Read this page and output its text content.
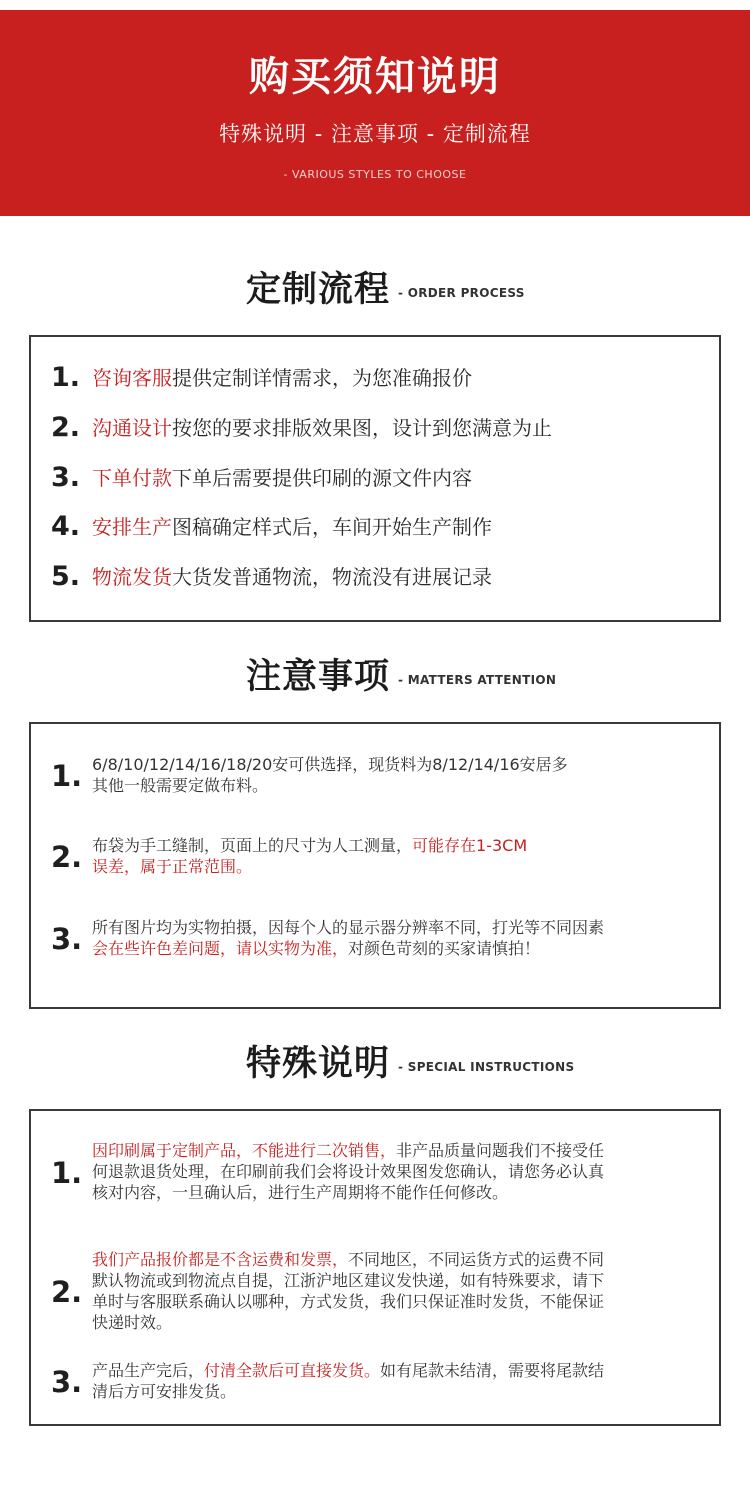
购买须知说明
特殊说明 - 注意事项 - 定制流程
- VARIOUS STYLES TO CHOOSE
定制流程 - ORDER PROCESS
1. 咨询客服提供定制详情需求，为您准确报价
2. 沟通设计按您的要求排版效果图，设计到您满意为止
3. 下单付款下单后需要提供印刷的源文件内容
4. 安排生产图稿确定样式后，车间开始生产制作
5. 物流发货大货发普通物流，物流没有进展记录
注意事项 - MATTERS ATTENTION
1. 6/8/10/12/14/16/18/20安可供选择，现货料为8/12/14/16安居多
其他一般需要定做布料。
2. 布袋为手工缝制，页面上的尺寸为人工测量，可能存在1-3CM
误差，属于正常范围。
3. 所有图片均为实物拍摄，因每个人的显示器分辨率不同，打光等不同因素
会在些许色差问题，请以实物为准，对颜色苛刻的买家请慎拍！
特殊说明 - SPECIAL INSTRUCTIONS
1.
因印刷属于定制产品，不能进行二次销售，非产品质量问题我们不接受任
何退款退货处理，在印刷前我们会将设计效果图发您确认，请您务必认真
核对内容，一旦确认后，进行生产周期将不能作任何修改。
2.
我们产品报价都是不含运费和发票，不同地区，不同运货方式的运费不同
默认物流或到物流点自提，江浙沪地区建议发快递，如有特殊要求，请下
单时与客服联系确认以哪种，方式发货，我们只保证准时发货，不能保证
快递时效。
3. 产品生产完后，付清全款后可直接发货。如有尾款未结清，需要将尾款结
清后方可安排发货。
